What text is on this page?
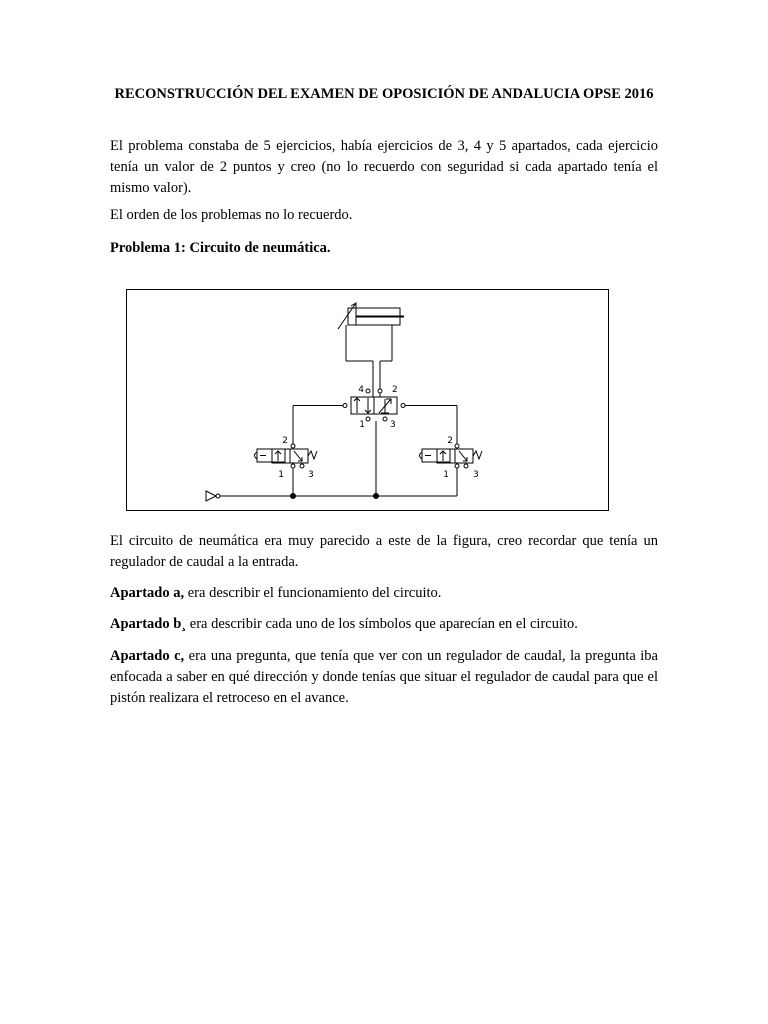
RECONSTRUCCIÓN DEL EXAMEN DE OPOSICIÓN DE ANDALUCIA OPSE 2016

El problema constaba de 5 ejercicios, había ejercicios de 3, 4 y 5 apartados, cada ejercicio tenía un valor de 2 puntos y creo (no lo recuerdo con seguridad si cada apartado tenía el mismo valor).

El orden de los problemas no lo recuerdo.

Problema 1: Circuito de neumática.

4	2
1	3
2
1	3
2
1	3

El circuito de neumática era muy parecido a este de la figura, creo recordar que tenía un regulador de caudal a la entrada.

Apartado a, era describir el funcionamiento del circuito.

Apartado b¸ era describir cada uno de los símbolos que aparecían en el circuito.

Apartado c, era una pregunta, que tenía que ver con un regulador de caudal, la pregunta iba enfocada a saber en qué dirección y donde tenías que situar el regulador de caudal para que el pistón realizara el retroceso en el avance.
